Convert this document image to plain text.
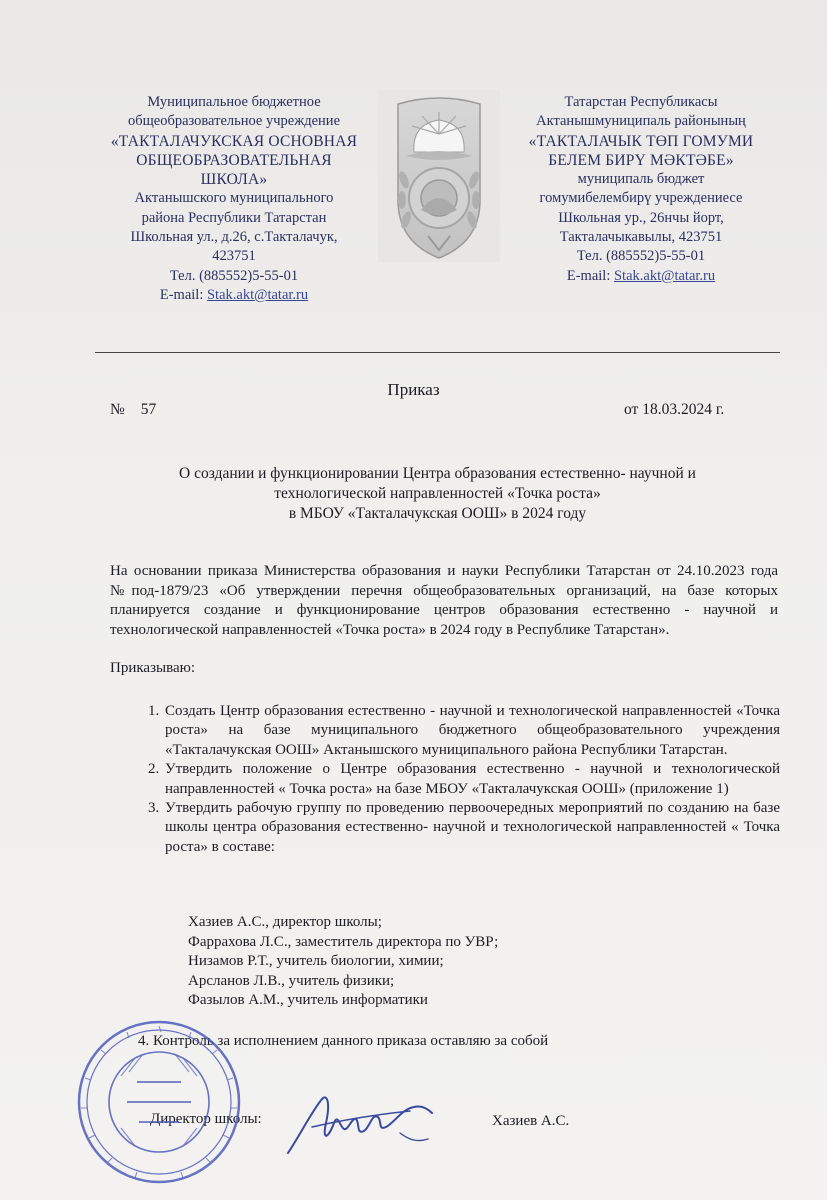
Муниципальное бюджетное
общеобразовательное учреждение
«ТАКТАЛАЧУКСКАЯ ОСНОВНАЯ
ОБЩЕОБРАЗОВАТЕЛЬНАЯ
ШКОЛА»
Актанышского муниципального
района Республики Татарстан
Школьная ул., д.26, с.Такталачук,
423751
Тел. (885552)5-55-01
E-mail: Stak.akt@tatar.ru
Татарстан Республикасы
Актанышмуниципаль районының
«ТАКТАЛАЧЫК ТӨП ГОМУМИ
БЕЛЕМ БИРҮ МӘКТӘБЕ»
муниципаль бюджет
гомумибелембирү учреждениесе
Школьная ур., 26нчы йорт,
Такталачыкавылы, 423751
Тел. (885552)5-55-01
E-mail: Stak.akt@tatar.ru
Приказ
№ 57	от 18.03.2024 г.
О создании и функционировании Центра образования естественно- научной и
технологической направленностей «Точка роста»
в МБОУ «Такталачукская ООШ» в 2024 году
На основании приказа Министерства образования и науки Республики Татарстан от 24.10.2023 года №под-1879/23 «Об утверждении перечня общеобразовательных организаций, на базе которых планируется создание и функционирование центров образования естественно - научной и технологической направленностей «Точка роста» в 2024 году в Республике Татарстан».
Приказываю:
1. Создать Центр образования естественно - научной и технологической направленностей «Точка роста» на базе муниципального бюджетного общеобразовательного учреждения «Такталачукская ООШ» Актанышского муниципального района Республики Татарстан.
2. Утвердить положение о Центре образования естественно - научной и технологической направленностей « Точка роста» на базе МБОУ «Такталачукская ООШ» (приложение 1)
3. Утвердить рабочую группу по проведению первоочередных мероприятий по созданию на базе школы центра образования естественно- научной и технологической направленностей « Точка роста» в составе:
Хазиев А.С., директор школы;
Фаррахова Л.С., заместитель директора по УВР;
Низамов Р.Т., учитель биологии, химии;
Арсланов Л.В., учитель физики;
Фазылов А.М., учитель информатики
4. Контроль за исполнением данного приказа оставляю за собой
Директор школы:	Хазиев А.С.
